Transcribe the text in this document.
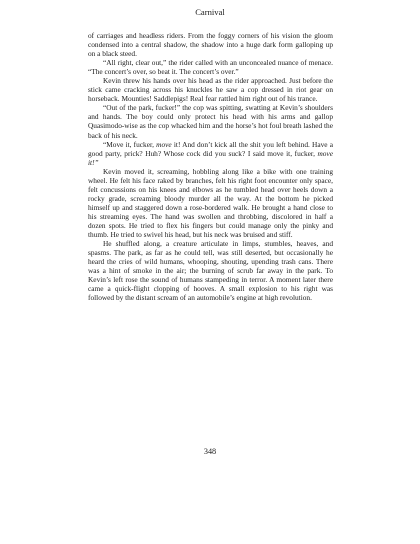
Carnival

of carriages and headless riders. From the foggy corners of his vision the gloom condensed into a central shadow, the shadow into a huge dark form galloping up on a black steed.

“All right, clear out,” the rider called with an unconcealed nuance of menace. “The concert’s over, so beat it. The concert’s over.”

Kevin threw his hands over his head as the rider approached. Just before the stick came cracking across his knuckles he saw a cop dressed in riot gear on horseback. Mounties! Saddlepigs! Real fear rattled him right out of his trance.

“Out of the park, fucker!” the cop was spitting, swatting at Kevin’s shoulders and hands. The boy could only protect his head with his arms and gallop Quasimodo-wise as the cop whacked him and the horse’s hot foul breath lashed the back of his neck.

“Move it, fucker, move it! And don’t kick all the shit you left behind. Have a good party, prick? Huh? Whose cock did you suck? I said move it, fucker, move it!”

Kevin moved it, screaming, hobbling along like a bike with one training wheel. He felt his face raked by branches, felt his right foot encounter only space, felt concussions on his knees and elbows as he tumbled head over heels down a rocky grade, screaming bloody murder all the way. At the bottom he picked himself up and staggered down a rose-bordered walk. He brought a hand close to his streaming eyes. The hand was swollen and throbbing, discolored in half a dozen spots. He tried to flex his fingers but could manage only the pinky and thumb. He tried to swivel his head, but his neck was bruised and stiff.

He shuffled along, a creature articulate in limps, stumbles, heaves, and spasms. The park, as far as he could tell, was still deserted, but occasionally he heard the cries of wild humans, whooping, shouting, upending trash cans. There was a hint of smoke in the air; the burning of scrub far away in the park. To Kevin’s left rose the sound of humans stampeding in terror. A moment later there came a quick-flight clopping of hooves. A small explosion to his right was followed by the distant scream of an automobile’s engine at high revolution.

348
